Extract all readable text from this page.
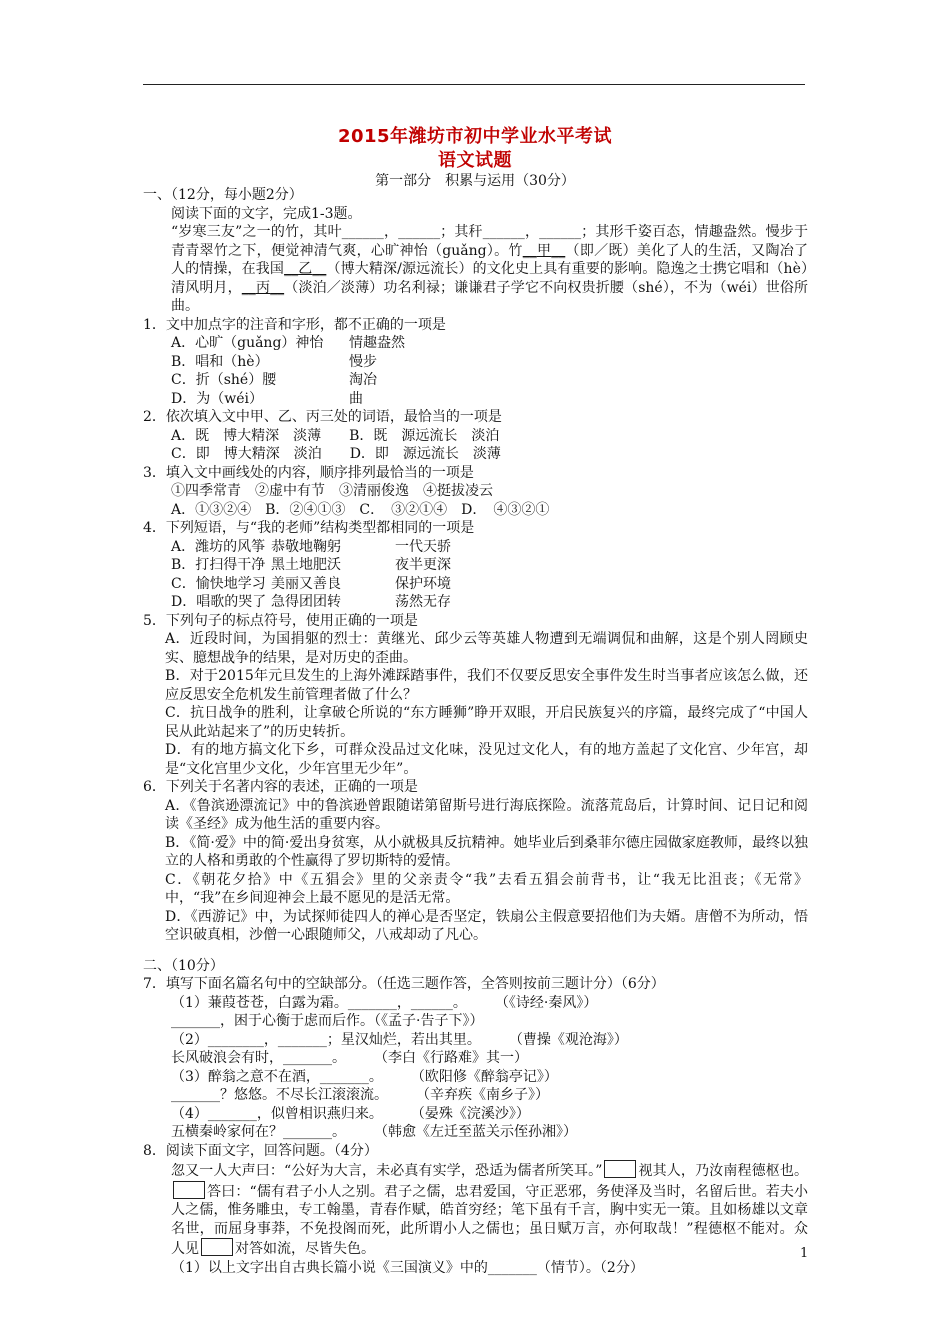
2015年潍坊市初中学业水平考试
语文试题
第一部分　积累与运用（30分）

一、（12分，每小题2分）

阅读下面的文字，完成1-3题。

“岁寒三友”之一的竹，其叶______，______；其秆______，______；其形千姿百态，情趣盎然。慢步于青青翠竹之下，便觉神清气爽，心旷神怡（guǎng）。竹__甲__（即／既）美化了人的生活，又陶冶了人的情操，在我国__乙__（博大精深/源远流长）的文化史上具有重要的影响。隐逸之士携它唱和（hè）清风明月，__丙__（淡泊／淡薄）功名利禄；谦谦君子学它不向权贵折腰（shé），不为（wéi）世俗所曲。

1．文中加点字的注音和字形，都不正确的一项是

A．心旷（guǎng）神怡 情趣盎然

B．唱和（hè）	慢步

C．折（shé）腰	淘冶

D．为（wéi）	曲

2．依次填入文中甲、乙、丙三处的词语，最恰当的一项是

A．既　博大精深　淡薄　　B．既　源远流长　淡泊

C．即　博大精深　淡泊　　D．即　源远流长　淡薄

3．填入文中画线处的内容，顺序排列最恰当的一项是

①四季常青　②虚中有节　③清丽俊逸　④挺拔凌云

A．①③②④　B．②④①③　C．　③②①④　D．　④③②①

4．下列短语，与“我的老师”结构类型都相同的一项是

A．潍坊的风筝 恭敬地鞠躬	一代天骄

B．打扫得干净 黑土地肥沃	夜半更深

C．愉快地学习 美丽又善良	保护环境

D．唱歌的哭了 急得团团转	荡然无存

5．下列句子的标点符号，使用正确的一项是

A．近段时间，为国捐躯的烈士：黄继光、邱少云等英雄人物遭到无端调侃和曲解，这是个别人罔顾史实、臆想战争的结果，是对历史的歪曲。

B．对于2015年元旦发生的上海外滩踩踏事件，我们不仅要反思安全事件发生时当事者应该怎么做，还应反思安全危机发生前管理者做了什么？

C．抗日战争的胜利，让拿破仑所说的“东方睡狮”睁开双眼，开启民族复兴的序篇，最终完成了“中国人民从此站起来了”的历史转折。

D．有的地方搞文化下乡，可群众没品过文化味，没见过文化人，有的地方盖起了文化宫、少年宫，却是“文化宫里少文化，少年宫里无少年”。

6．下列关于名著内容的表述，正确的一项是

A．《鲁滨逊漂流记》中的鲁滨逊曾跟随诺第留斯号进行海底探险。流落荒岛后，计算时间、记日记和阅读《圣经》成为他生活的重要内容。

B．《简·爱》中的简·爱出身贫寒，从小就极具反抗精神。她毕业后到桑菲尔德庄园做家庭教师，最终以独立的人格和勇敢的个性赢得了罗切斯特的爱情。

C．《朝花夕拾》中《五猖会》里的父亲责令“我”去看五猖会前背书，让“我无比沮丧；《无常》中，“我”在乡间迎神会上最不愿见的是活无常。

D．《西游记》中，为试探师徒四人的禅心是否坚定，铁扇公主假意要招他们为夫婿。唐僧不为所动，悟空识破真相，沙僧一心跟随师父，八戒却动了凡心。

二、（10分）

7．填写下面名篇名句中的空缺部分。（任选三题作答，全答则按前三题计分）（6分）

（1）蒹葭苍苍，白露为霜。_______，______。　　　（《诗经·秦风》）

_______，困于心衡于虑而后作。（《孟子·告子下》）

（2）________，_______；星汉灿烂，若出其里。　　　（曹操《观沧海》）

长风破浪会有时，_______。　　　（李白《行路难》其一）

（3）醉翁之意不在酒，_______。　　　（欧阳修《醉翁亭记》）

_______？悠悠。不尽长江滚滚流。　　　（辛弃疾《南乡子》）

（4）_______，似曾相识燕归来。　　　（晏殊《浣溪沙》）

五横秦岭家何在？_______。　　　（韩愈《左迁至蓝关示侄孙湘》）

8．阅读下面文字，回答问题。（4分）

忽又一人大声曰：“公好为大言，未必真有实学，恐适为儒者所笑耳。”	视其人，乃汝南程德枢也。答曰：“儒有君子小人之别。君子之儒，忠君爱国，守正恶邪，务使泽及当时，名留后世。若夫小人之儒，惟务雕虫，专工翰墨，青春作赋，皓首穷经；笔下虽有千言，胸中实无一策。且如杨雄以文章名世，而屈身事莽，不免投阁而死，此所谓小人之儒也；虽日赋万言，亦何取哉！”程德枢不能对。众人见	对答如流，尽皆失色。

（1）以上文字出自古典长篇小说《三国演义》中的_______（情节）。（2分）

1
